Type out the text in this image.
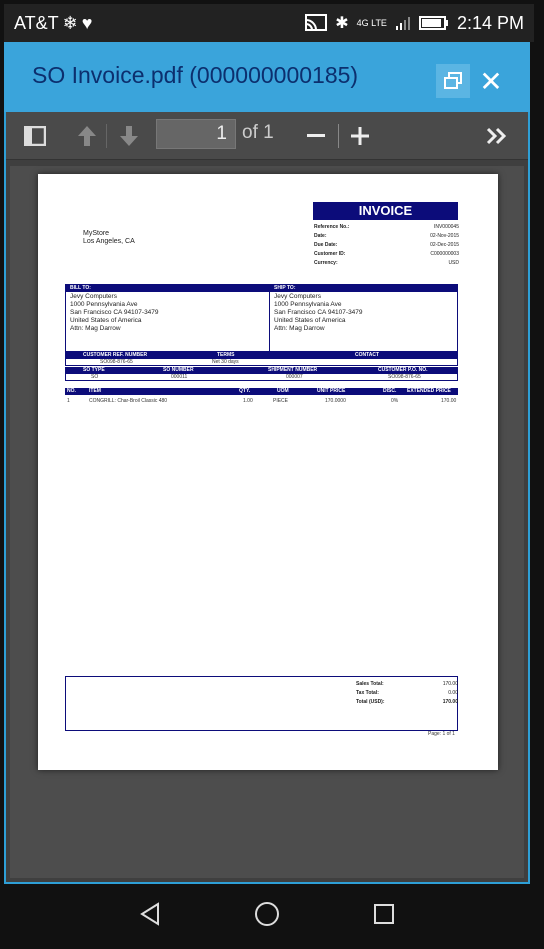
AT&T ❄ ♥	✱ 4G LTE	2:14 PM
SO Invoice.pdf (000000000185)	✕
1 of 1
INVOICE
Reference No.:	INV000045
Date:	02-Nov-2015
Due Date:	02-Dec-2015
Customer ID:	C000000003
Currency:	USD
MyStore
Los Angeles, CA
BILL TO:	SHIP TO:
Jevy Computers
1000 Pennsylvania Ave
San Francisco CA 94107-3479
United States of America
Attn: Mag Darrow
Jevy Computers
1000 Pennsylvania Ave
San Francisco CA 94107-3479
United States of America
Attn: Mag Darrow
CUSTOMER REF. NUMBER	TERMS	CONTACT
SO098-876-65	Net 30 days
SO TYPE	SO NUMBER	SHIPMENT NUMBER	CUSTOMER P.O. NO.
SO	000011	000007	SO098-876-65
NO.	ITEM	QTY.	UOM	UNIT PRICE	DISC. EXTENDED PRICE
1	CONGRILL: Char-Broil Classic 480	1.00	PIECE	170.0000	0%	170.00
Sales Total:	170.00
Tax Total:	0.00
Total (USD):	170.00
Page: 1 of 1
